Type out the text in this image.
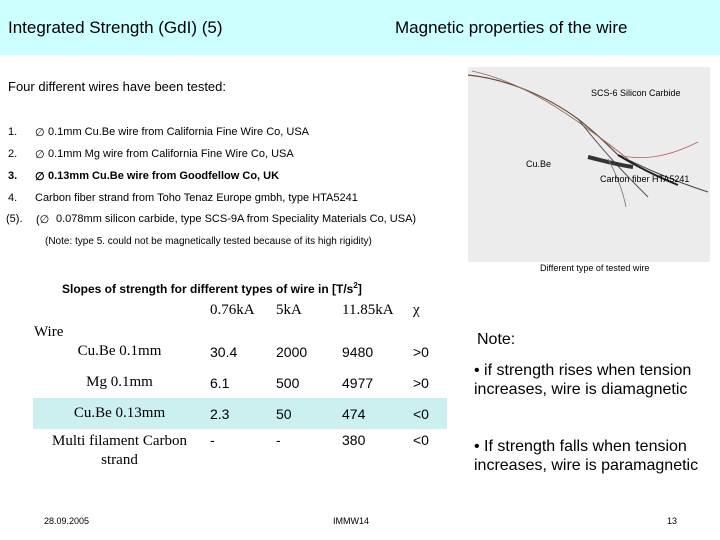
Integrated Strength (GdI) (5)	Magnetic properties of the wire
Four different wires have been tested:
1. ∅ 0.1mm Cu.Be wire from California Fine Wire Co, USA
2. ∅ 0.1mm Mg wire from California Fine Wire Co, USA
3. ∅ 0.13mm Cu.Be wire from Goodfellow Co, UK
4. Carbon fiber strand from Toho Tenaz Europe gmbh, type HTA5241
(5). (∅ 0.078mm silicon carbide, type SCS-9A from Speciality Materials Co, USA)
(Note: type 5. could not be magnetically tested because of its high rigidity)
SCS-6 Silicon Carbide
Cu.Be
Carbon fiber HTA5241
Different type of tested wire
Slopes of strength for different types of wire in $[T/s^2]$
Wire
	0.76kA	5kA	11.85kA	χ
Cu.Be 0.1mm	30.4	2000	9480	>0
Mg 0.1mm	6.1	500	4977	>0
Cu.Be 0.13mm	2.3	50	474	<0
Multi filament Carbon strand	-	-	380	<0
Note:
• if strength rises when tension increases, wire is diamagnetic
• If strength falls when tension increases, wire is paramagnetic
28.09.2005	IMMW14	13
